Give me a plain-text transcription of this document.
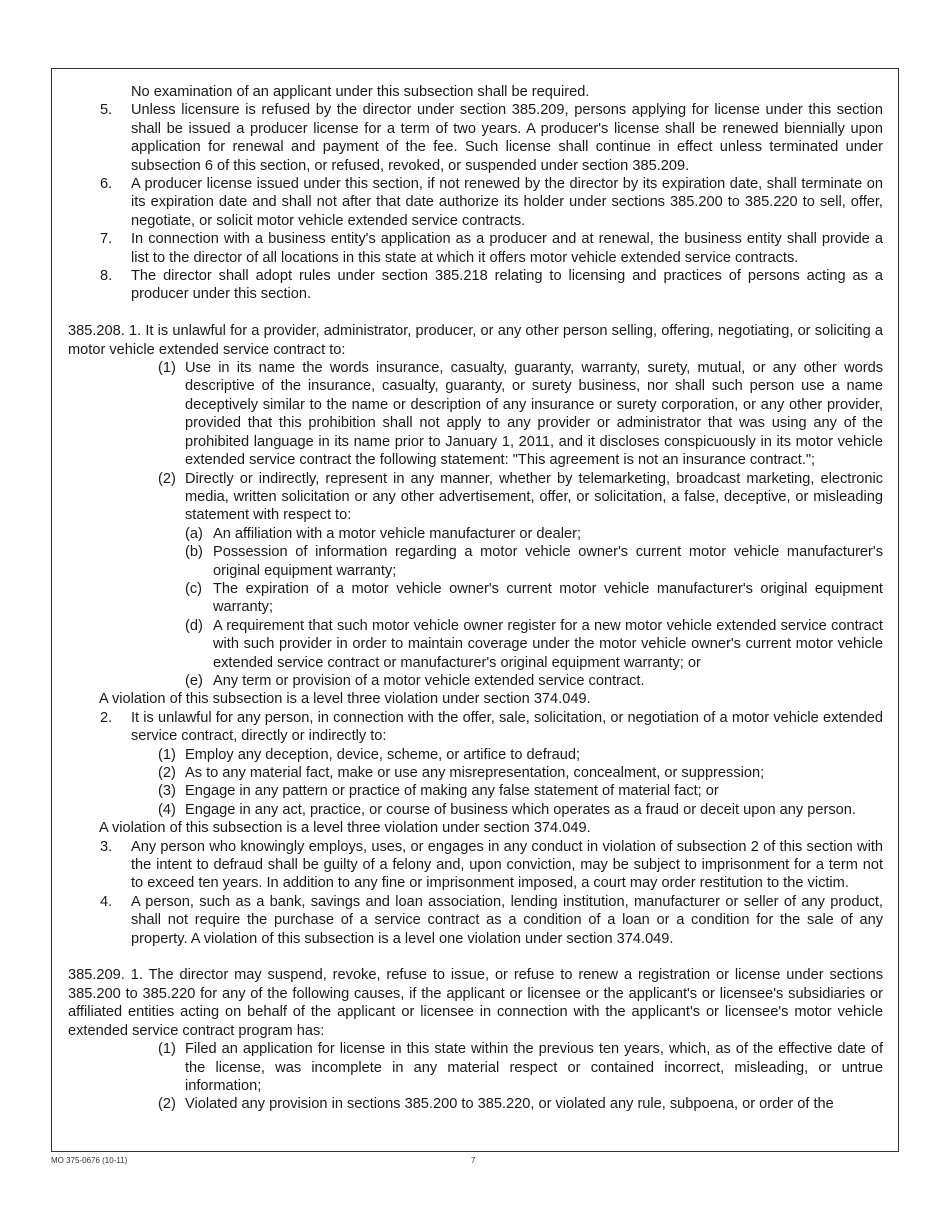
No examination of an applicant under this subsection shall be required.
5. Unless licensure is refused by the director under section 385.209, persons applying for license under this section shall be issued a producer license for a term of two years. A producer's license shall be renewed biennially upon application for renewal and payment of the fee. Such license shall continue in effect unless terminated under subsection 6 of this section, or refused, revoked, or suspended under section 385.209.
6. A producer license issued under this section, if not renewed by the director by its expiration date, shall terminate on its expiration date and shall not after that date authorize its holder under sections 385.200 to 385.220 to sell, offer, negotiate, or solicit motor vehicle extended service contracts.
7. In connection with a business entity's application as a producer and at renewal, the business entity shall provide a list to the director of all locations in this state at which it offers motor vehicle extended service contracts.
8. The director shall adopt rules under section 385.218 relating to licensing and practices of persons acting as a producer under this section.
385.208. 1. It is unlawful for a provider, administrator, producer, or any other person selling, offering, negotiating, or soliciting a motor vehicle extended service contract to:
(1) Use in its name the words insurance, casualty, guaranty, warranty, surety, mutual, or any other words descriptive of the insurance, casualty, guaranty, or surety business, nor shall such person use a name deceptively similar to the name or description of any insurance or surety corporation, or any other provider, provided that this prohibition shall not apply to any provider or administrator that was using any of the prohibited language in its name prior to January 1, 2011, and it discloses conspicuously in its motor vehicle extended service contract the following statement: "This agreement is not an insurance contract.";
(2) Directly or indirectly, represent in any manner, whether by telemarketing, broadcast marketing, electronic media, written solicitation or any other advertisement, offer, or solicitation, a false, deceptive, or misleading statement with respect to:
(a) An affiliation with a motor vehicle manufacturer or dealer;
(b) Possession of information regarding a motor vehicle owner's current motor vehicle manufacturer's original equipment warranty;
(c) The expiration of a motor vehicle owner's current motor vehicle manufacturer's original equipment warranty;
(d) A requirement that such motor vehicle owner register for a new motor vehicle extended service contract with such provider in order to maintain coverage under the motor vehicle owner's current motor vehicle extended service contract or manufacturer's original equipment warranty; or
(e) Any term or provision of a motor vehicle extended service contract.
A violation of this subsection is a level three violation under section 374.049.
2. It is unlawful for any person, in connection with the offer, sale, solicitation, or negotiation of a motor vehicle extended service contract, directly or indirectly to:
(1) Employ any deception, device, scheme, or artifice to defraud;
(2) As to any material fact, make or use any misrepresentation, concealment, or suppression;
(3) Engage in any pattern or practice of making any false statement of material fact; or
(4) Engage in any act, practice, or course of business which operates as a fraud or deceit upon any person.
A violation of this subsection is a level three violation under section 374.049.
3. Any person who knowingly employs, uses, or engages in any conduct in violation of subsection 2 of this section with the intent to defraud shall be guilty of a felony and, upon conviction, may be subject to imprisonment for a term not to exceed ten years. In addition to any fine or imprisonment imposed, a court may order restitution to the victim.
4. A person, such as a bank, savings and loan association, lending institution, manufacturer or seller of any product, shall not require the purchase of a service contract as a condition of a loan or a condition for the sale of any property. A violation of this subsection is a level one violation under section 374.049.
385.209. 1. The director may suspend, revoke, refuse to issue, or refuse to renew a registration or license under sections 385.200 to 385.220 for any of the following causes, if the applicant or licensee or the applicant's or licensee's subsidiaries or affiliated entities acting on behalf of the applicant or licensee in connection with the applicant's or licensee's motor vehicle extended service contract program has:
(1) Filed an application for license in this state within the previous ten years, which, as of the effective date of the license, was incomplete in any material respect or contained incorrect, misleading, or untrue information;
(2) Violated any provision in sections 385.200 to 385.220, or violated any rule, subpoena, or order of the
MO 375-0676 (10-11)	7
